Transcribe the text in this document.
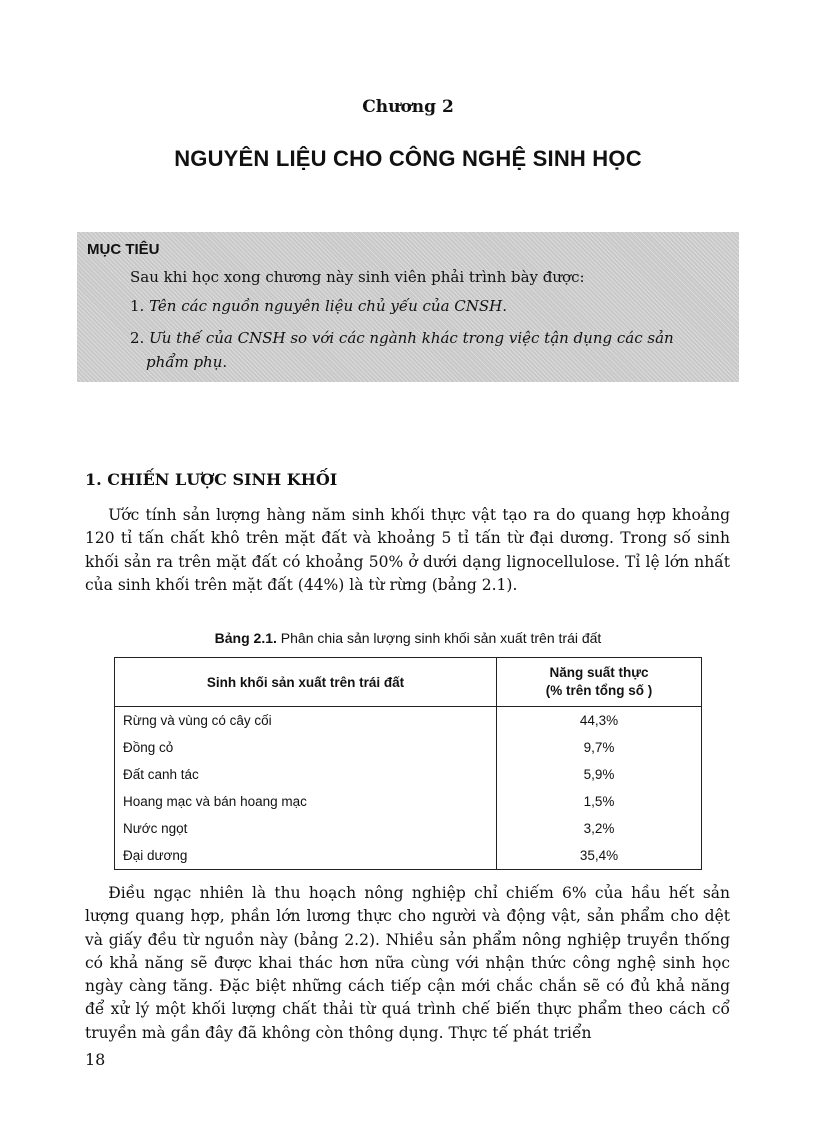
Chương 2
NGUYÊN LIỆU CHO CÔNG NGHỆ SINH HỌC
MỤC TIÊU
Sau khi học xong chương này sinh viên phải trình bày được:
1. Tên các nguồn nguyên liệu chủ yếu của CNSH.
2. Ưu thế của CNSH so với các ngành khác trong việc tận dụng các sản
phẩm phụ.
1. CHIẾN LƯỢC SINH KHỐI
  Ước tính sản lượng hàng năm sinh khối thực vật tạo ra do quang hợp khoảng 120 tỉ tấn chất khô trên mặt đất và khoảng 5 tỉ tấn từ đại dương. Trong số sinh khối sản ra trên mặt đất có khoảng 50% ở dưới dạng lignocellulose. Tỉ lệ lớn nhất của sinh khối trên mặt đất (44%) là từ rừng (bảng 2.1).
Bảng 2.1. Phân chia sản lượng sinh khối sản xuất trên trái đất
Sinh khối sản xuất trên trái đất	Năng suất thực
(% trên tổng số )

Rừng và vùng có cây cối	44,3%
Đồng cỏ	9,7%
Đất canh tác	5,9%
Hoang mạc và bán hoang mạc	1,5%
Nước ngọt	3,2%
Đại dương	35,4%
  Điều ngạc nhiên là thu hoạch nông nghiệp chỉ chiếm 6% của hầu hết sản lượng quang hợp, phần lớn lương thực cho người và động vật, sản phẩm cho dệt và giấy đều từ nguồn này (bảng 2.2). Nhiều sản phẩm nông nghiệp truyền thống có khả năng sẽ được khai thác hơn nữa cùng với nhận thức công nghệ sinh học ngày càng tăng. Đặc biệt những cách tiếp cận mới chắc chắn sẽ có đủ khả năng để xử lý một khối lượng chất thải từ quá trình chế biến thực phẩm theo cách cổ truyền mà gần đây đã không còn thông dụng. Thực tế phát triển
18
